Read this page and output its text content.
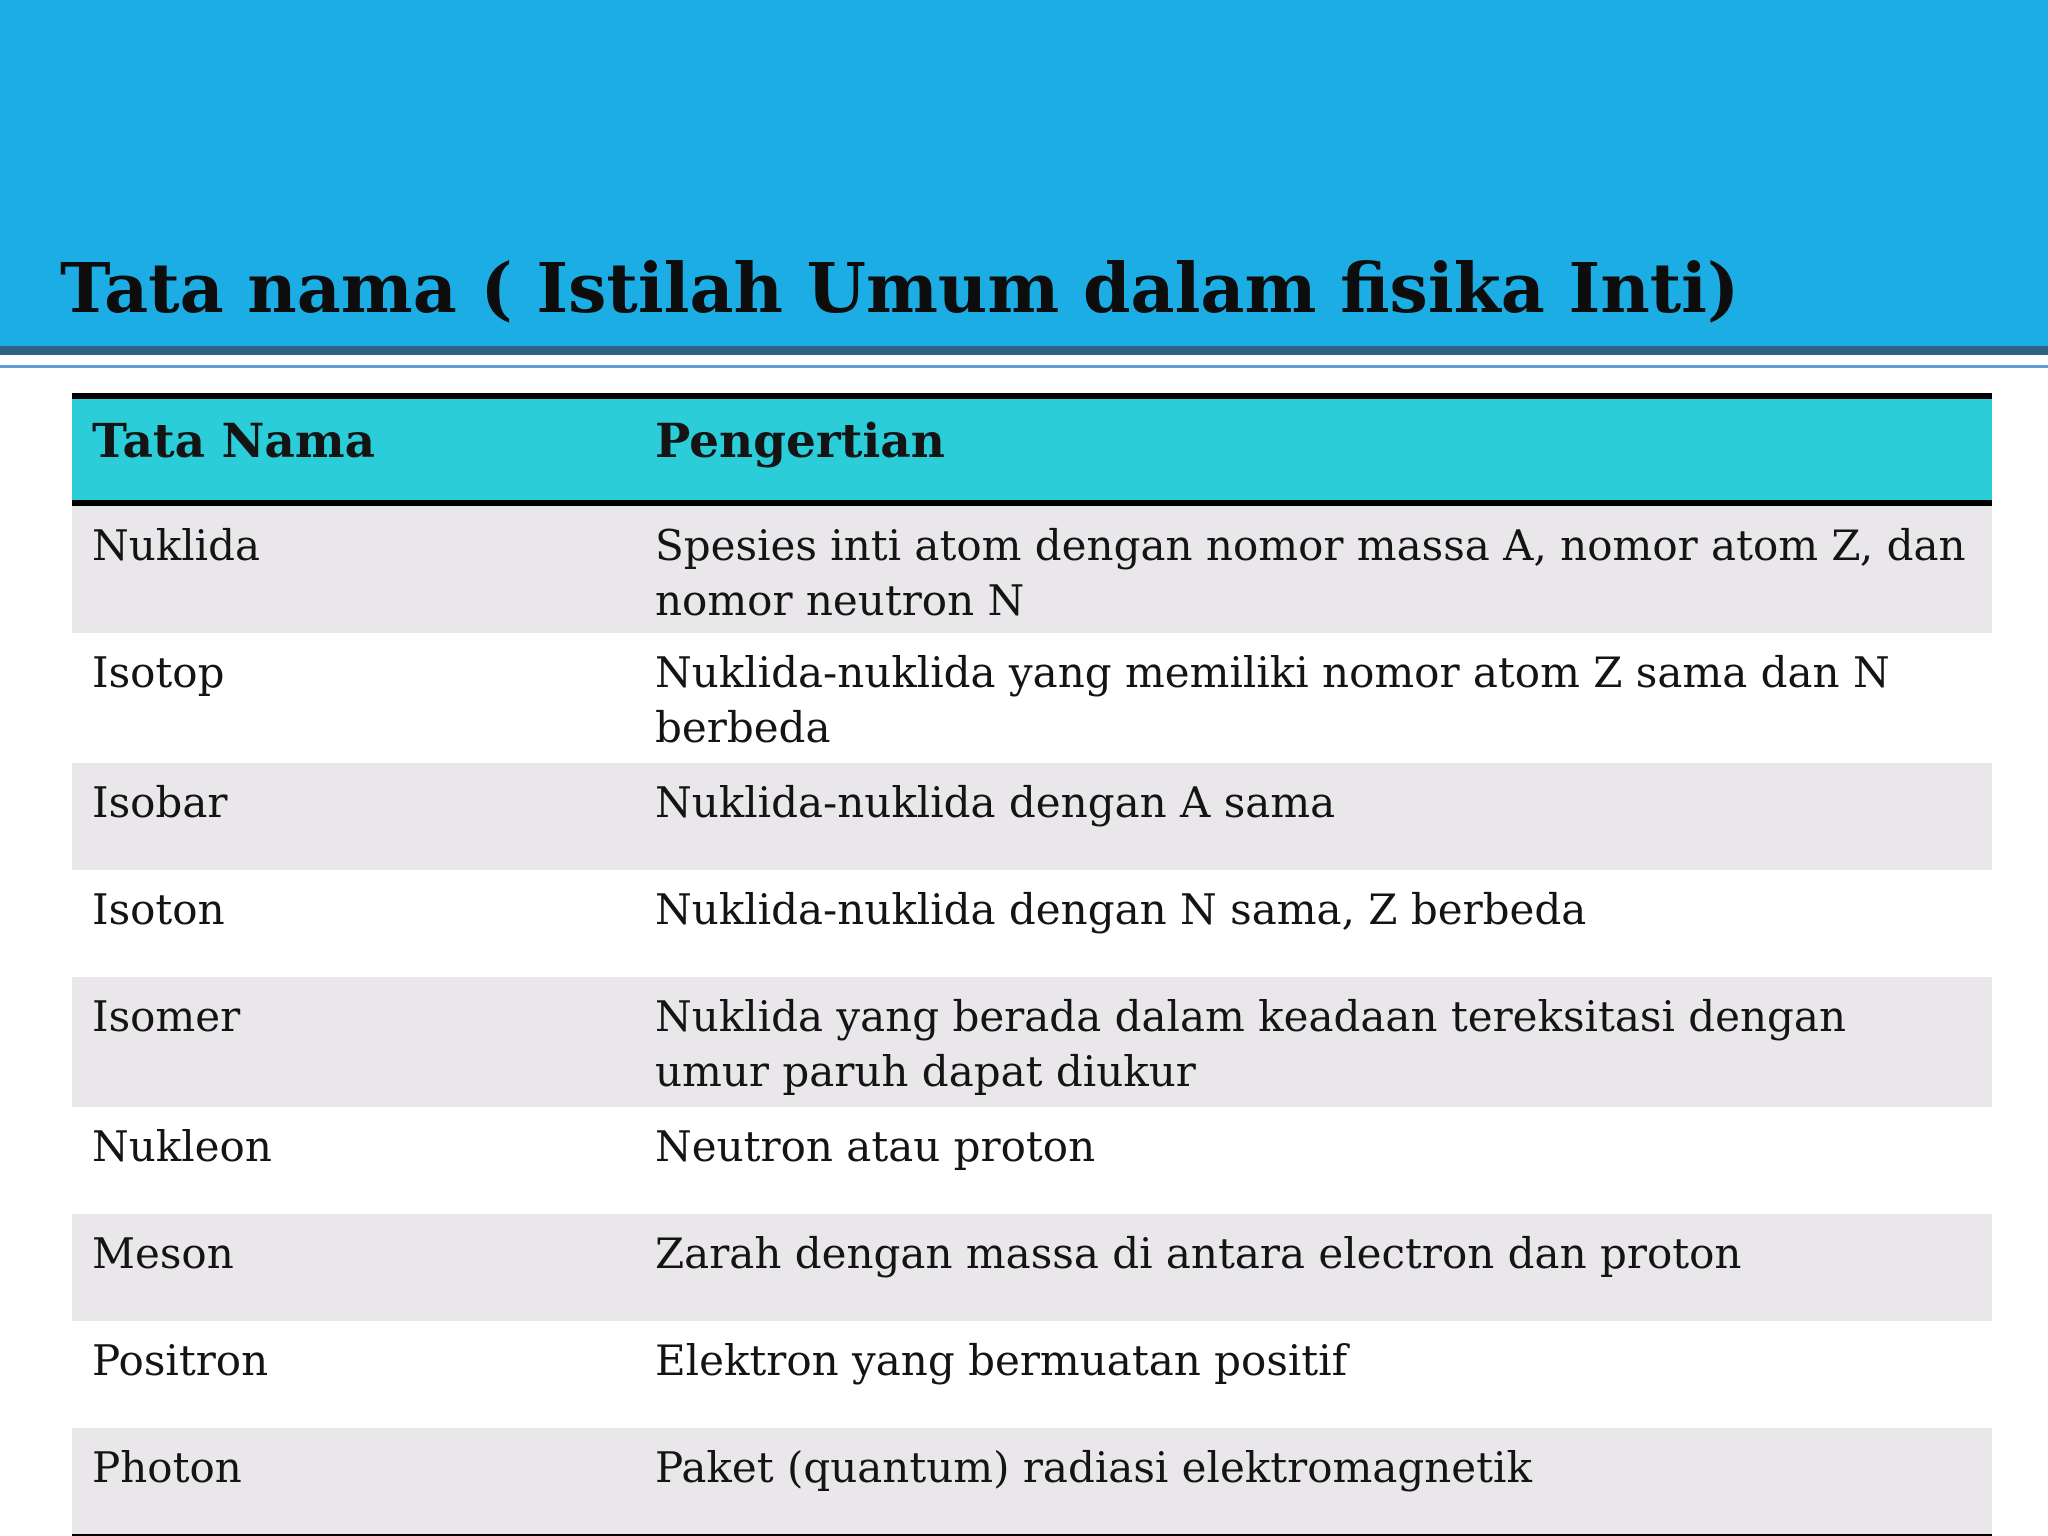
Tata nama ( Istilah Umum dalam fisika Inti)
Tata Nama	Pengertian
Nuklida	Spesies inti atom dengan nomor massa A, nomor atom Z, dan nomor neutron N
Isotop	Nuklida-nuklida yang memiliki nomor atom Z sama dan N berbeda
Isobar	Nuklida-nuklida dengan A sama
Isoton	Nuklida-nuklida dengan N sama, Z berbeda
Isomer	Nuklida yang berada dalam keadaan tereksitasi dengan umur paruh dapat diukur
Nukleon	Neutron atau proton
Meson	Zarah dengan massa di antara electron dan proton
Positron	Elektron yang bermuatan positif
Photon	Paket (quantum) radiasi elektromagnetik
